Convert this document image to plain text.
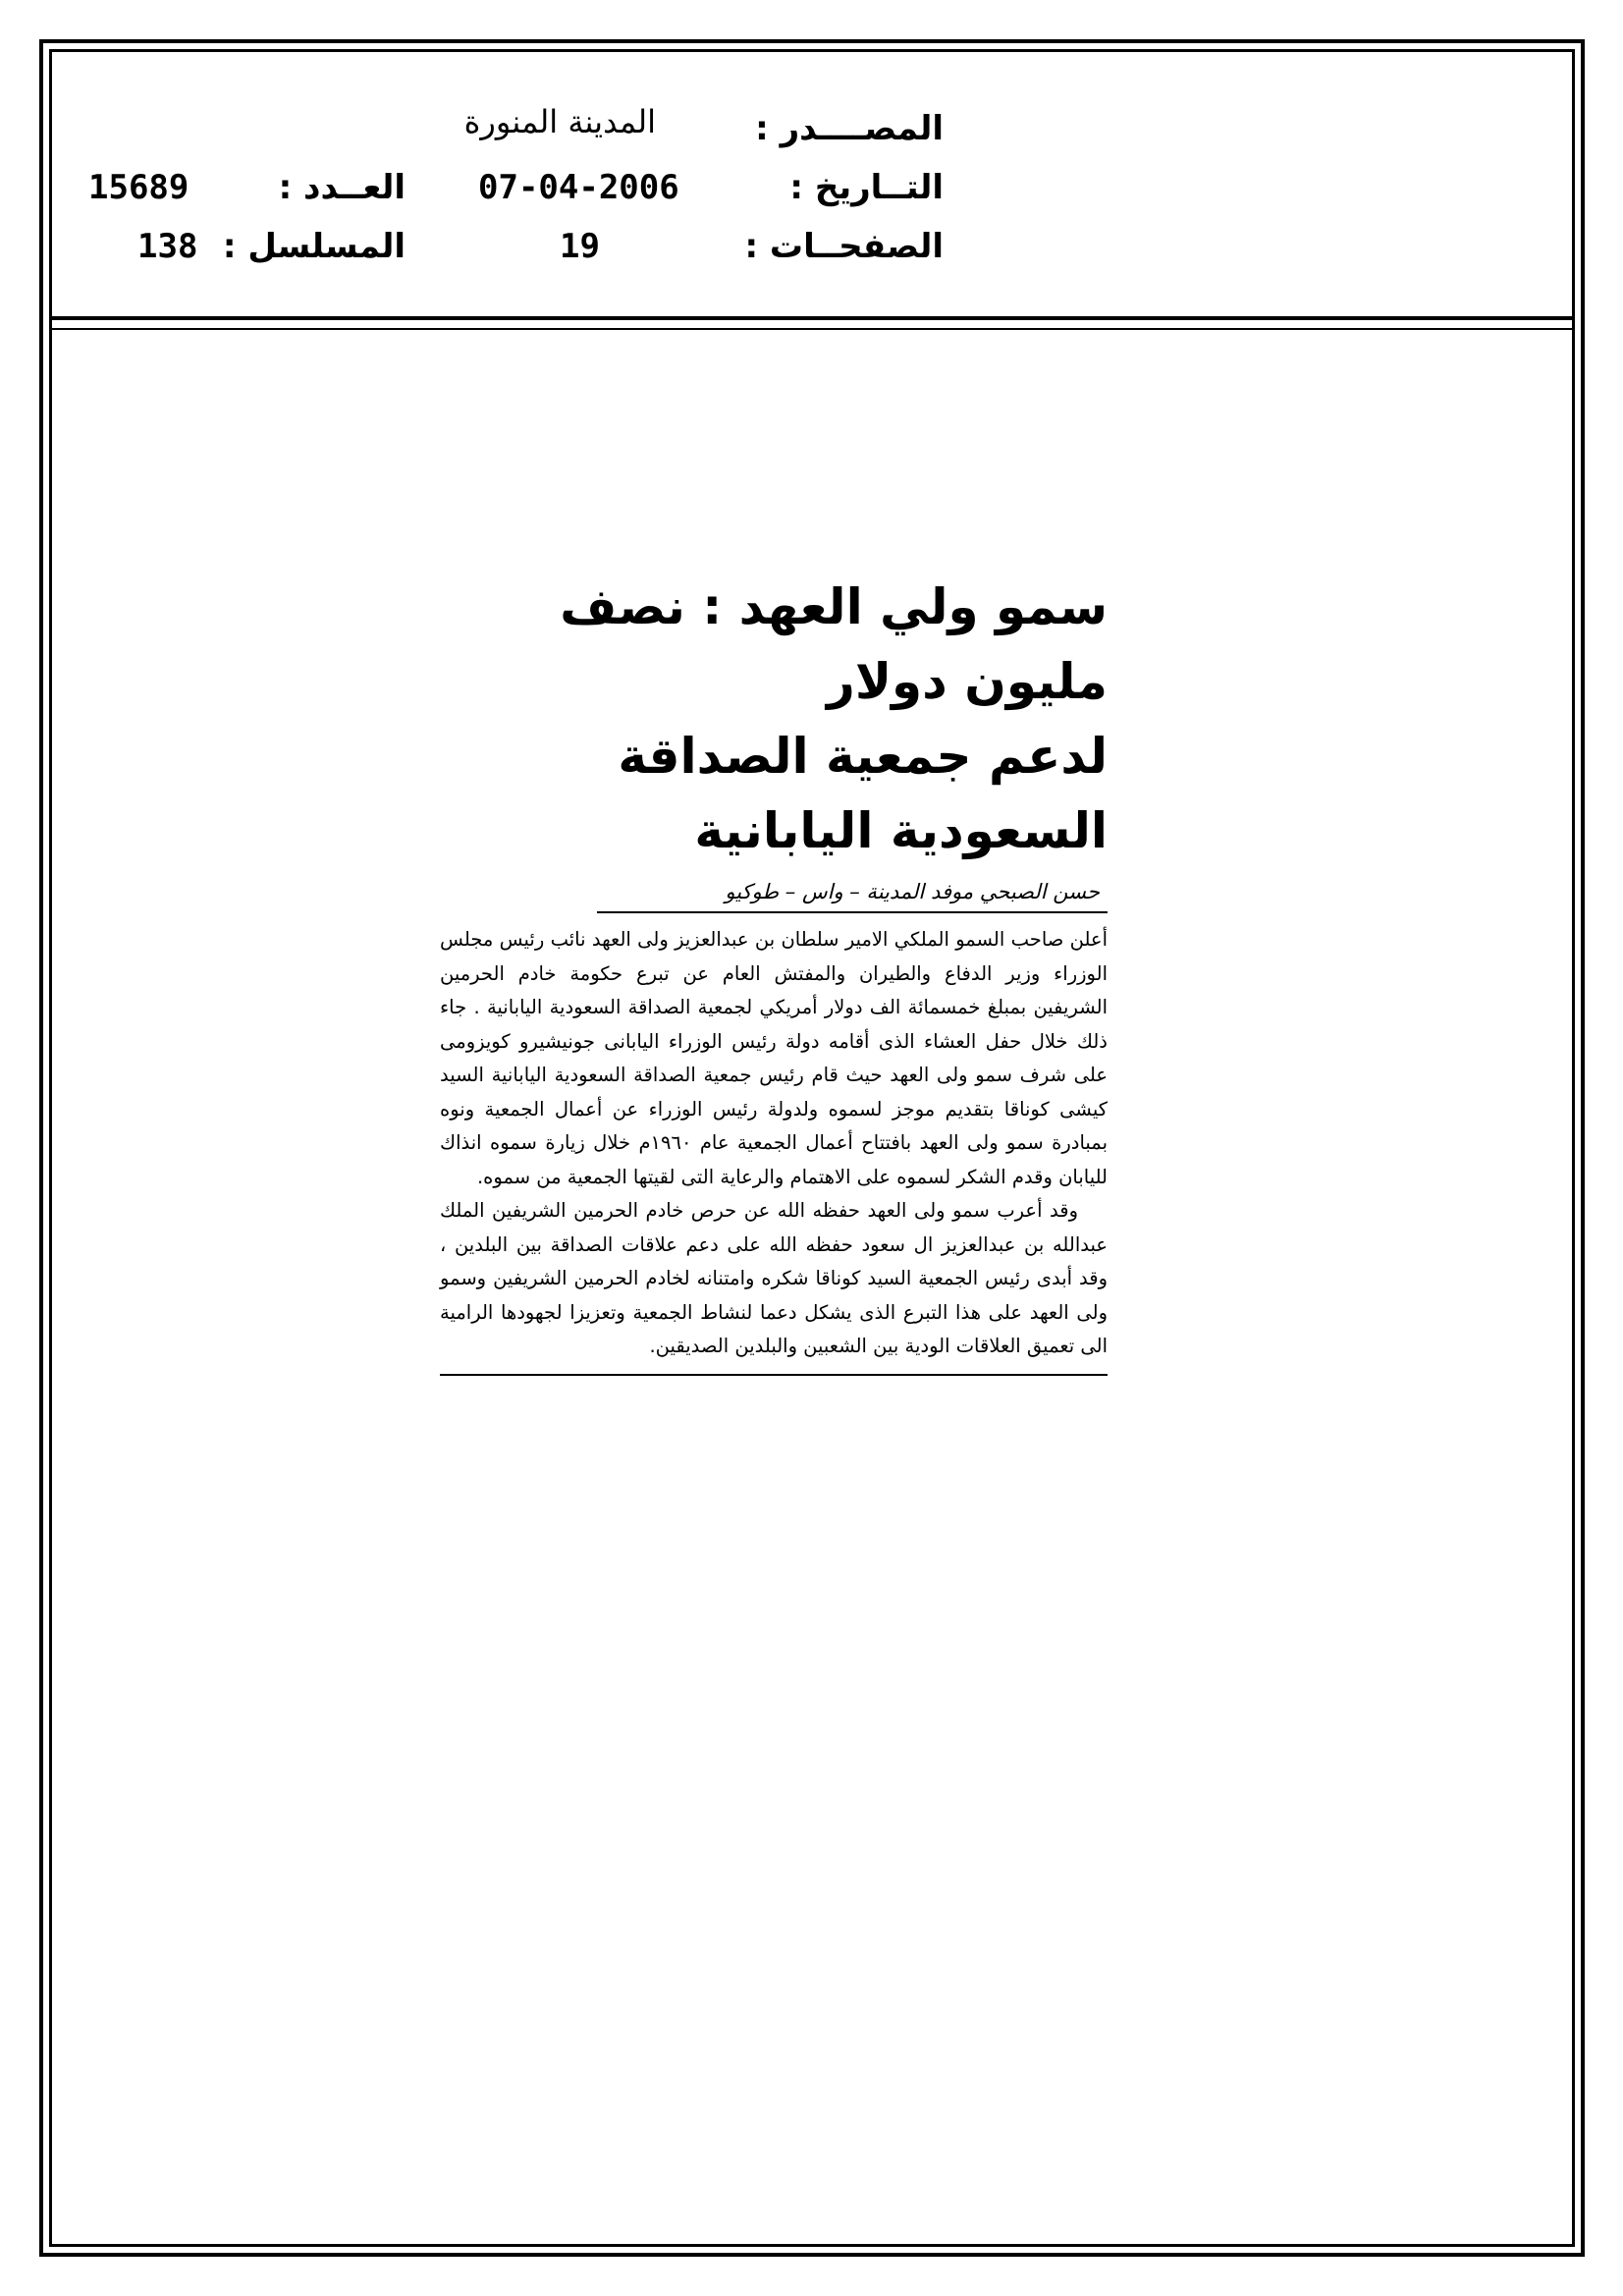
المصــــدر :
المدينة المنورة
التــاريخ :
07-04-2006
العــدد :
15689
الصفحــات :
19
المسلسل :
138
سمو ولي العهد : نصف مليون دولار
لدعم جمعية الصداقة السعودية اليابانية
حسن الصبحي موفد المدينة – واس – طوكيو

أعلن صاحب السمو الملكي الامير سلطان بن عبدالعزيز ولى العهد نائب رئيس مجلس الوزراء وزير الدفاع والطيران والمفتش العام عن تبرع حكومة خادم الحرمين الشريفين بمبلغ خمسمائة الف دولار أمريكي لجمعية الصداقة السعودية اليابانية . جاء ذلك خلال حفل العشاء الذى أقامه دولة رئيس الوزراء اليابانى جونيشيرو كويزومى على شرف سمو ولى العهد حيث قام رئيس جمعية الصداقة السعودية اليابانية السيد كيشى كوناقا بتقديم موجز لسموه ولدولة رئيس الوزراء عن أعمال الجمعية ونوه بمبادرة سمو ولى العهد بافتتاح أعمال الجمعية عام ١٩٦٠م خلال زيارة سموه انذاك لليابان وقدم الشكر لسموه على الاهتمام والرعاية التى لقيتها الجمعية من سموه.

وقد أعرب سمو ولى العهد حفظه الله عن حرص خادم الحرمين الشريفين الملك عبدالله بن عبدالعزيز ال سعود حفظه الله على دعم علاقات الصداقة بين البلدين ، وقد أبدى رئيس الجمعية السيد كوناقا شكره وامتنانه لخادم الحرمين الشريفين وسمو ولى العهد على هذا التبرع الذى يشكل دعما لنشاط الجمعية وتعزيزا لجهودها الرامية الى تعميق العلاقات الودية بين الشعبين والبلدين الصديقين.
